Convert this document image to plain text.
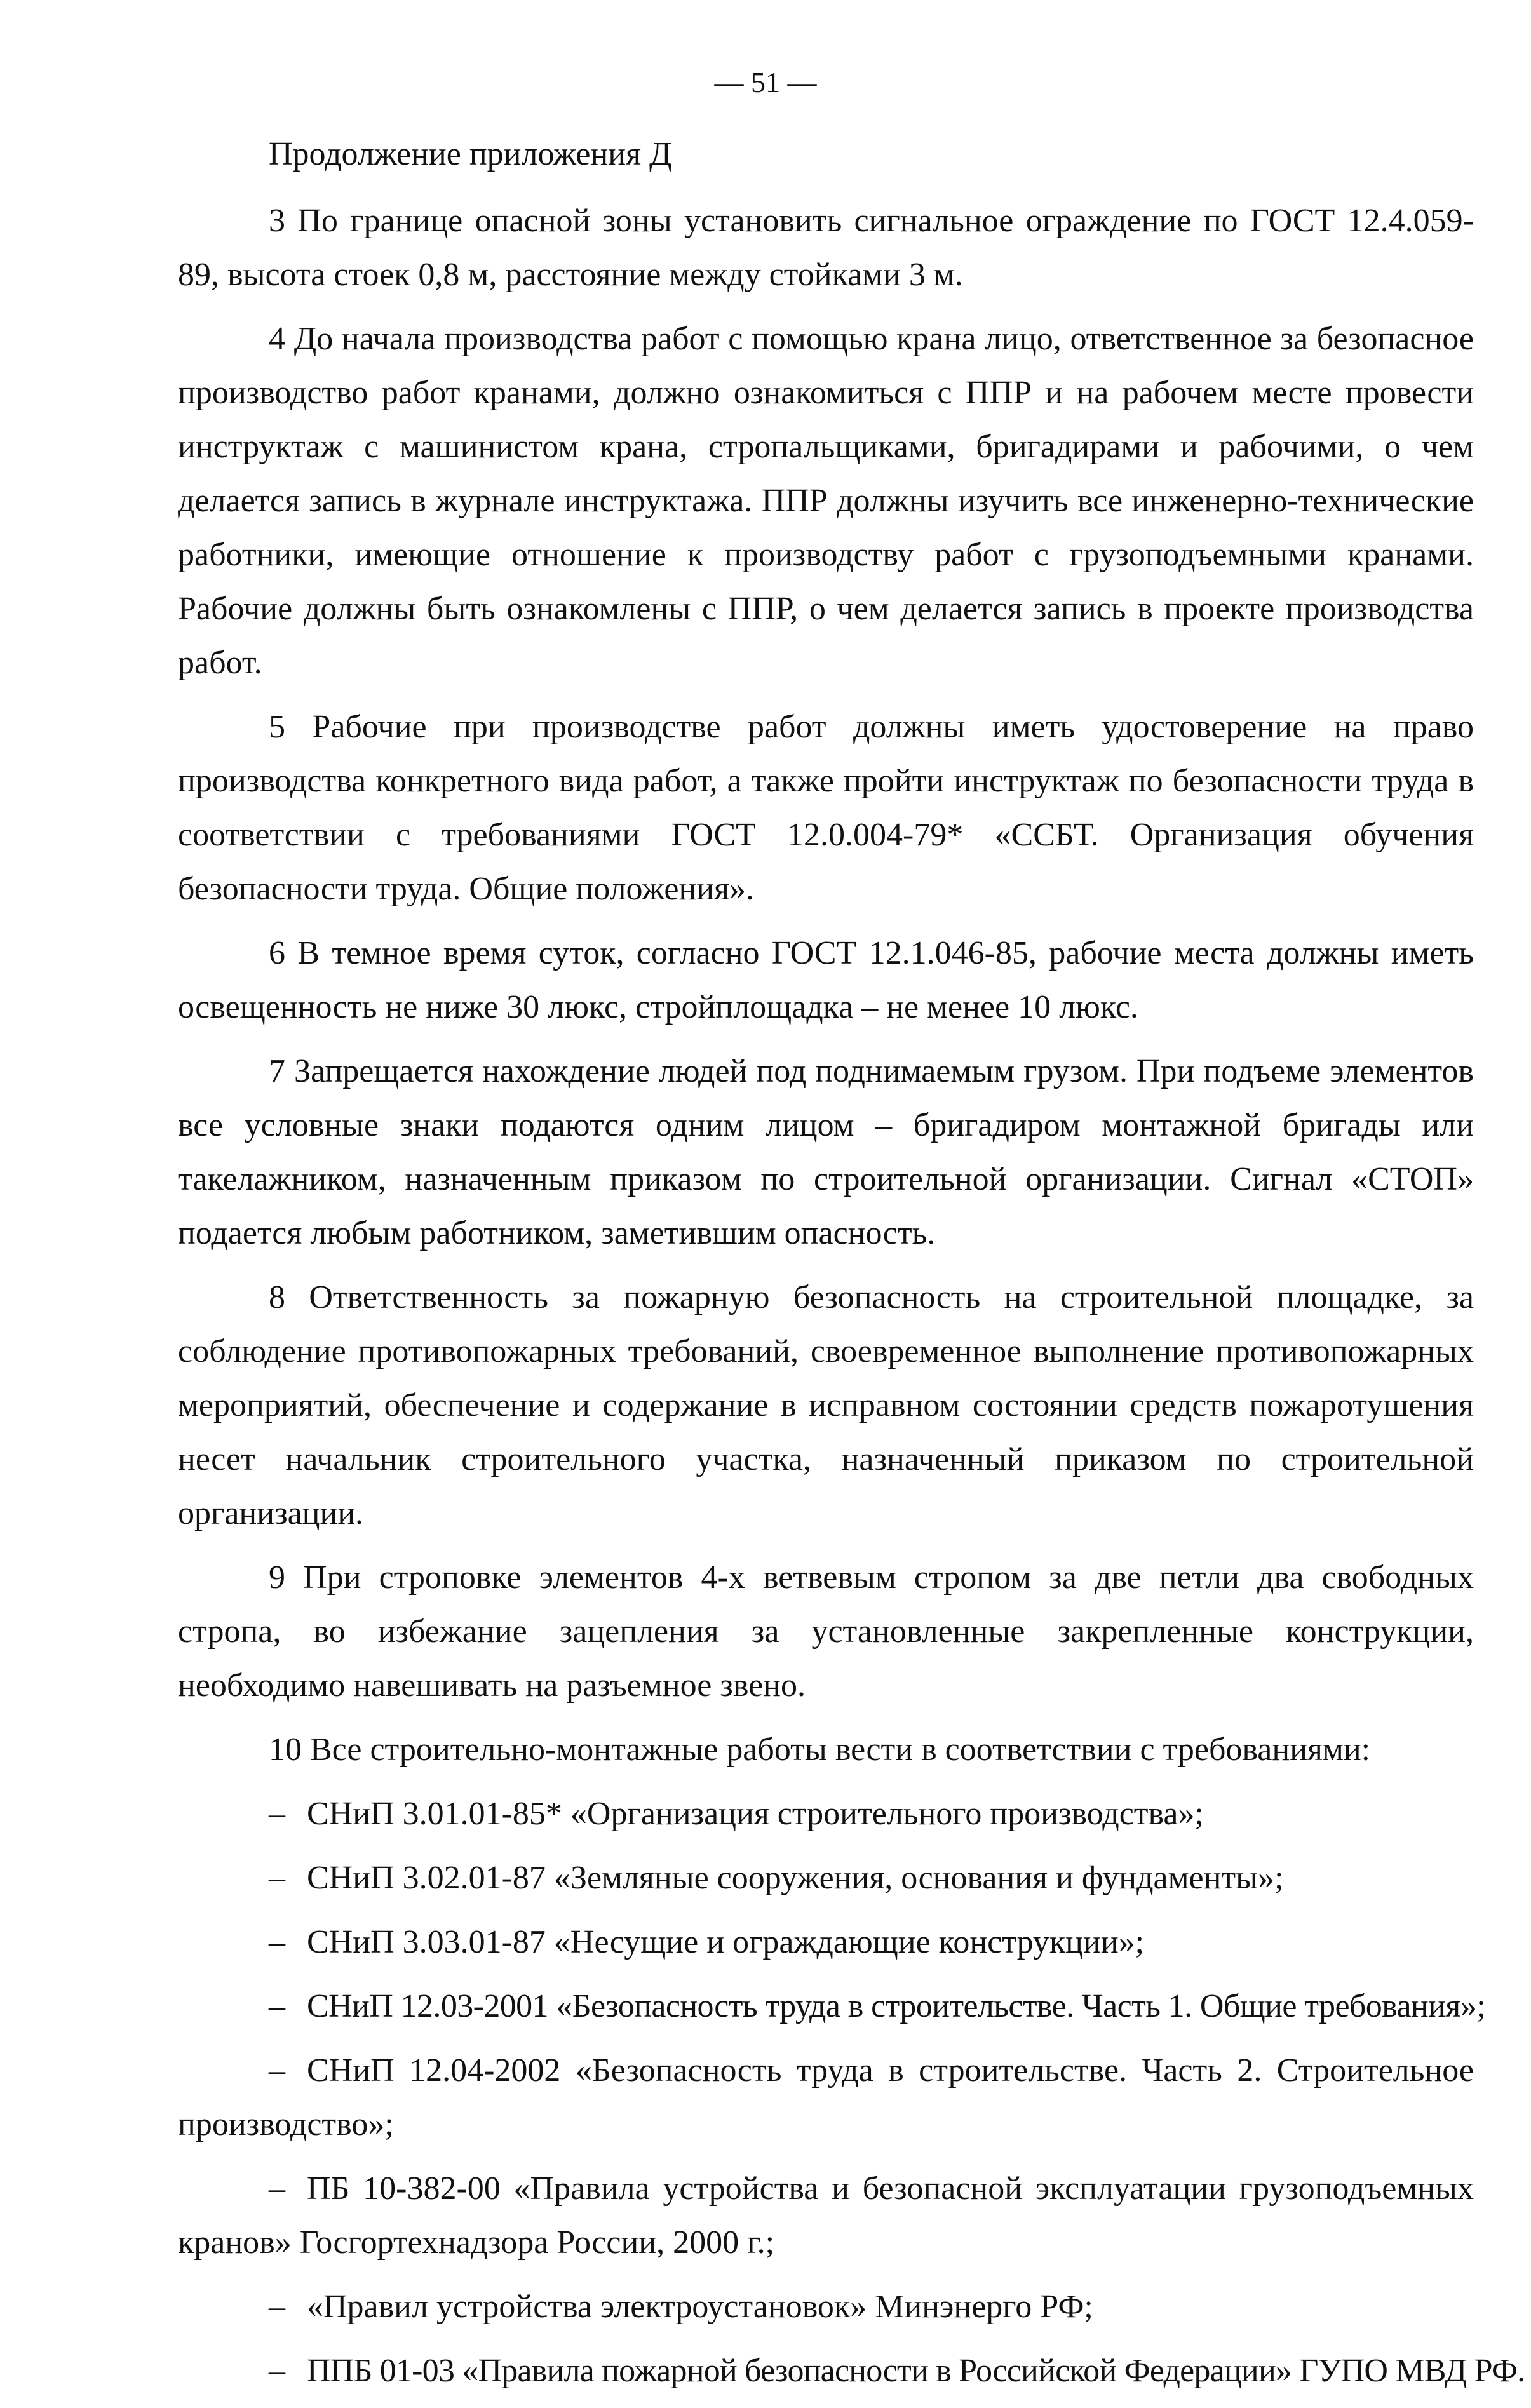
— 51 —

Продолжение приложения Д

3 По границе опасной зоны установить сигнальное ограждение по ГОСТ 12.4.059-89, высота стоек 0,8 м, расстояние между стойками 3 м.

4 До начала производства работ с помощью крана лицо, ответственное за безопасное производство работ кранами, должно ознакомиться с ППР и на рабочем месте провести инструктаж с машинистом крана, стропальщиками, бригадирами и рабочими, о чем делается запись в журнале инструктажа. ППР должны изучить все инженерно-технические работники, имеющие отношение к производству работ с грузоподъемными кранами. Рабочие должны быть ознакомлены с ППР, о чем делается запись в проекте производства работ.

5 Рабочие при производстве работ должны иметь удостоверение на право производства конкретного вида работ, а также пройти инструктаж по безопасности труда в соответствии с требованиями ГОСТ 12.0.004-79* «ССБТ. Организация обучения безопасности труда. Общие положения».

6 В темное время суток, согласно ГОСТ 12.1.046-85, рабочие места должны иметь освещенность не ниже 30 люкс, стройплощадка – не менее 10 люкс.

7 Запрещается нахождение людей под поднимаемым грузом. При подъеме элементов все условные знаки подаются одним лицом – бригадиром монтажной бригады или такелажником, назначенным приказом по строительной организации. Сигнал «СТОП» подается любым работником, заметившим опасность.

8 Ответственность за пожарную безопасность на строительной площадке, за соблюдение противопожарных требований, своевременное выполнение противопожарных мероприятий, обеспечение и содержание в исправном состоянии средств пожаротушения несет начальник строительного участка, назначенный приказом по строительной организации.

9 При строповке элементов 4-х ветвевым стропом за две петли два свободных стропа, во избежание зацепления за установленные закрепленные конструкции, необходимо навешивать на разъемное звено.

10 Все строительно-монтажные работы вести в соответствии с требованиями:

– СНиП 3.01.01-85* «Организация строительного производства»;

– СНиП 3.02.01-87 «Земляные сооружения, основания и фундаменты»;

– СНиП 3.03.01-87 «Несущие и ограждающие конструкции»;

– СНиП 12.03-2001 «Безопасность труда в строительстве. Часть 1. Общие требования»;

– СНиП 12.04-2002 «Безопасность труда в строительстве. Часть 2. Строительное производство»;

– ПБ 10-382-00 «Правила устройства и безопасной эксплуатации грузоподъемных кранов» Госгортехнадзора России, 2000 г.;

– «Правил устройства электроустановок» Минэнерго РФ;

– ППБ 01-03 «Правила пожарной безопасности в Российской Федерации» ГУПО МВД РФ.
